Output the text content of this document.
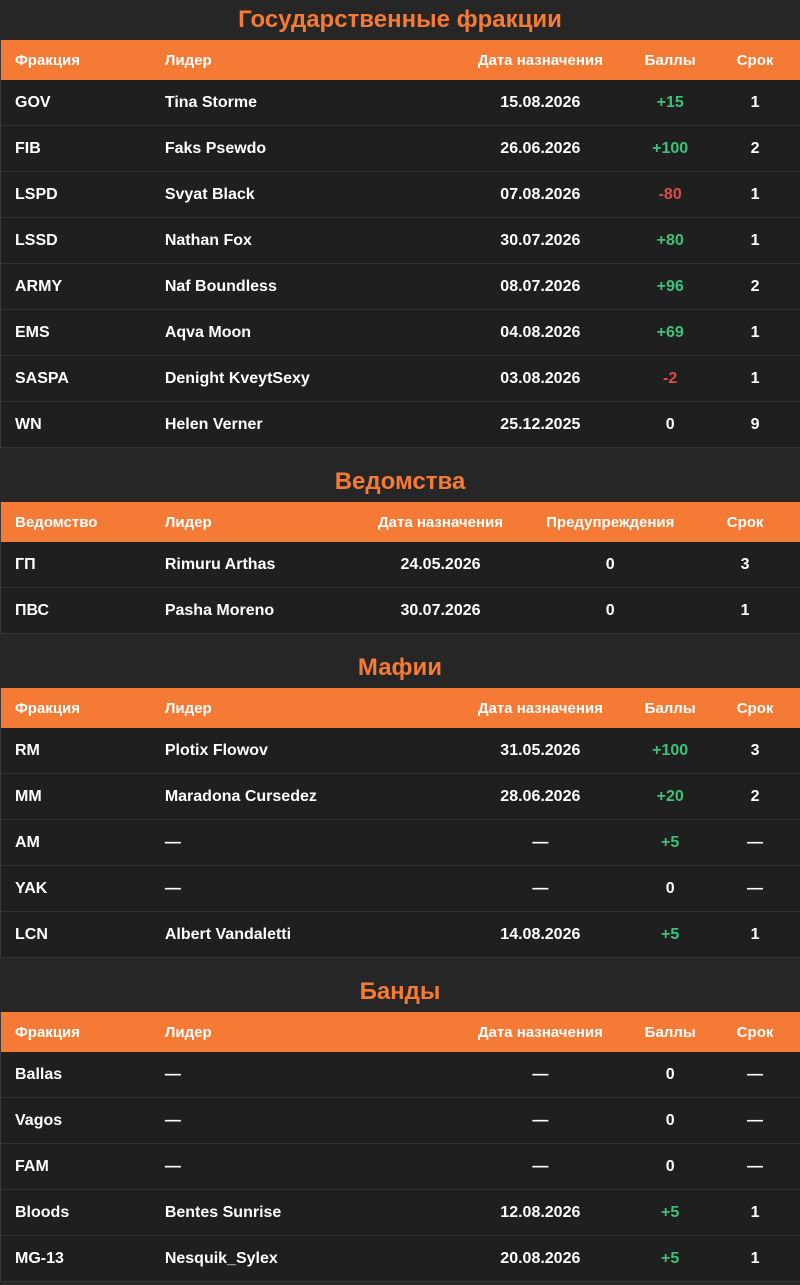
Государственные фракции
Фракция	Лидер	Дата назначения	Баллы	Срок
GOV	Tina Storme	15.08.2026	+15	1
FIB	Faks Psewdo	26.06.2026	+100	2
LSPD	Svyat Black	07.08.2026	-80	1
LSSD	Nathan Fox	30.07.2026	+80	1
ARMY	Naf Boundless	08.07.2026	+96	2
EMS	Aqva Moon	04.08.2026	+69	1
SASPA	Denight KveytSexy	03.08.2026	-2	1
WN	Helen Verner	25.12.2025	0	9
Ведомства
Ведомство	Лидер	Дата назначения	Предупреждения	Срок
ГП	Rimuru Arthas	24.05.2026	0	3
ПВС	Pasha Moreno	30.07.2026	0	1
Мафии
Фракция	Лидер	Дата назначения	Баллы	Срок
RM	Plotix Flowov	31.05.2026	+100	3
MM	Maradona Cursedez	28.06.2026	+20	2
AM	—	—	+5	—
YAK	—	—	0	—
LCN	Albert Vandaletti	14.08.2026	+5	1
Банды
Фракция	Лидер	Дата назначения	Баллы	Срок
Ballas	—	—	0	—
Vagos	—	—	0	—
FAM	—	—	0	—
Bloods	Bentes Sunrise	12.08.2026	+5	1
MG-13	Nesquik_Sylex	20.08.2026	+5	1
